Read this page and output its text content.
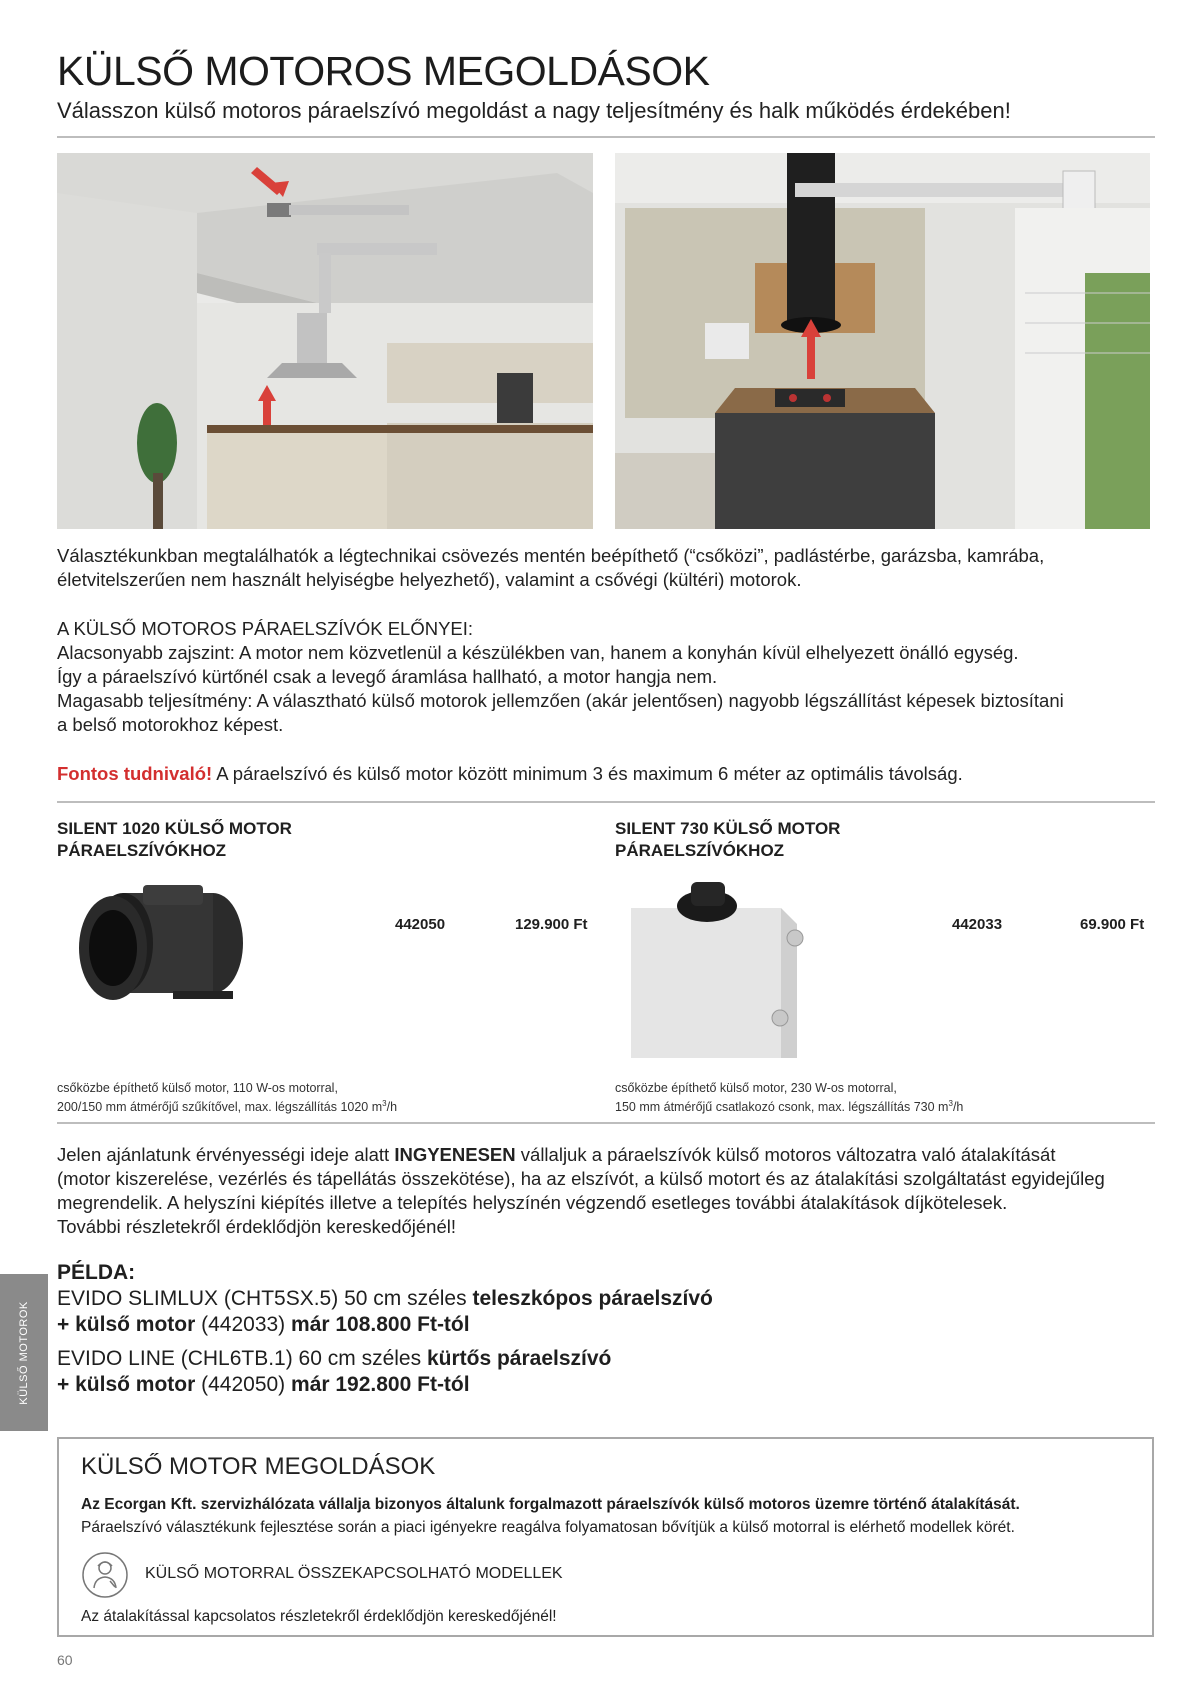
KÜLSŐ MOTOROS MEGOLDÁSOK
Válasszon külső motoros páraelszívó megoldást a nagy teljesítmény és halk működés érdekében!

Választékunkban megtalálhatók a légtechnikai csövezés mentén beépíthető (“csőközi”, padlástérbe, garázsba, kamrába,

életvitelszerűen nem használt helyiségbe helyezhető), valamint a csővégi (kültéri) motorok.

A KÜLSŐ MOTOROS PÁRAELSZÍVÓK ELŐNYEI:

Alacsonyabb zajszint: A motor nem közvetlenül a készülékben van, hanem a konyhán kívül elhelyezett önálló egység.

Így a páraelszívó kürtőnél csak a levegő áramlása hallható, a motor hangja nem.

Magasabb teljesítmény: A választható külső motorok jellemzően (akár jelentősen) nagyobb légszállítást képesek biztosítani

a belső motorokhoz képest.

Fontos tudnivaló! A páraelszívó és külső motor között minimum 3 és maximum 6 méter az optimális távolság.
SILENT 1020 KÜLSŐ MOTOR
PÁRAELSZÍVÓKHOZ
442050	129.900 Ft
csőközbe építhető külső motor, 110 W-os motorral,
200/150 mm átmérőjű szűkítővel, max. légszállítás 1020 $m^3/h$
SILENT 730 KÜLSŐ MOTOR
PÁRAELSZÍVÓKHOZ
442033	69.900 Ft
csőközbe építhető külső motor, 230 W-os motorral,
150 mm átmérőjű csatlakozó csonk, max. légszállítás 730 $m^3/h$

Jelen ajánlatunk érvényességi ideje alatt INGYENESEN vállaljuk a páraelszívók külső motoros változatra való átalakítását

(motor kiszerelése, vezérlés és tápellátás összekötése), ha az elszívót, a külső motort és az átalakítási szolgáltatást egyidejűleg

megrendelik. A helyszíni kiépítés illetve a telepítés helyszínén végzendő esetleges további átalakítások díjkötelesek.

További részletekről érdeklődjön kereskedőjénél!

KÜLSŐ MOTOROK
PÉLDA:
EVIDO SLIMLUX (CHT5SX.5) 50 cm széles teleszkópos páraelszívó
+ külső motor (442033) már 108.800 Ft-tól
EVIDO LINE (CHL6TB.1) 60 cm széles kürtős páraelszívó
+ külső motor (442050) már 192.800 Ft-tól
KÜLSŐ MOTOR MEGOLDÁSOK
Az Ecorgan Kft. szervizhálózata vállalja bizonyos általunk forgalmazott páraelszívók külső motoros üzemre történő átalakítását.
Páraelszívó választékunk fejlesztése során a piaci igényekre reagálva folyamatosan bővítjük a külső motorral is elérhető modellek körét.
KÜLSŐ MOTORRAL ÖSSZEKAPCSOLHATÓ MODELLEK
Az átalakítással kapcsolatos részletekről érdeklődjön kereskedőjénél!
60
